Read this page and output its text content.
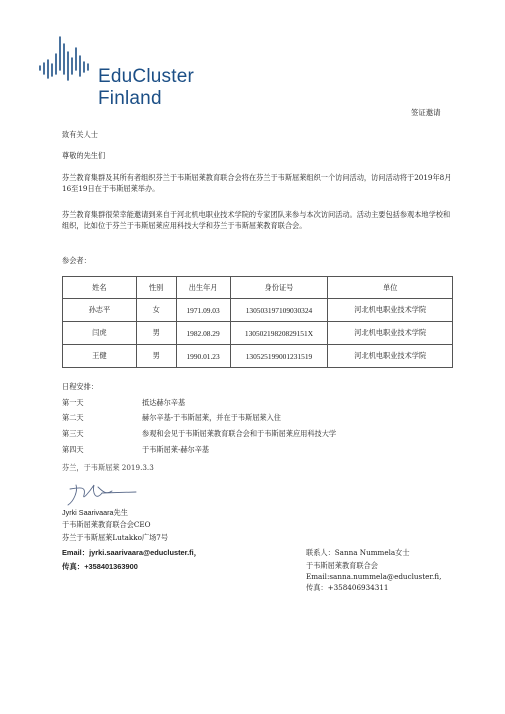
EduCluster
Finland
签证邀请
致有关人士
尊敬的先生们
芬兰教育集群及其所有者组织芬兰于韦斯屈莱教育联合会将在芬兰于韦斯屈莱组织一个访问活动，访问活动将于2019年8月16至19日在于韦斯屈莱举办。
芬兰教育集群很荣幸能邀请到来自于河北机电职业技术学院的专家团队来参与本次访问活动。活动主要包括参观本地学校和组织，比如位于芬兰于韦斯屈莱应用科技大学和芬兰于韦斯屈莱教育联合会。
参会者：
姓名	性别	出生年月	身份证号	单位
孙志平	女	1971.09.03	130503197109030324	河北机电职业技术学院
闫虎	男	1982.08.29	13050219820829151X	河北机电职业技术学院
王健	男	1990.01.23	130525199001231519	河北机电职业技术学院
日程安排：
第一天	抵达赫尔辛基
第二天	赫尔辛基-于韦斯屈莱，并在于韦斯屈莱入住
第三天	参观和会见于韦斯屈莱教育联合会和于韦斯屈莱应用科技大学
第四天	于韦斯屈莱-赫尔辛基
芬兰，于韦斯屈莱 2019.3.3
Jyrki Saarivaara先生
于韦斯屈莱教育联合会CEO
芬兰于韦斯屈莱Lutakko广场7号
Email：jyrki.saarivaara@educluster.fi，
传真：+358401363900
联系人：Sanna Nummela女士
于韦斯屈莱教育联合会
Email:sanna.nummela@educluster.fi,
传真：+358406934311
